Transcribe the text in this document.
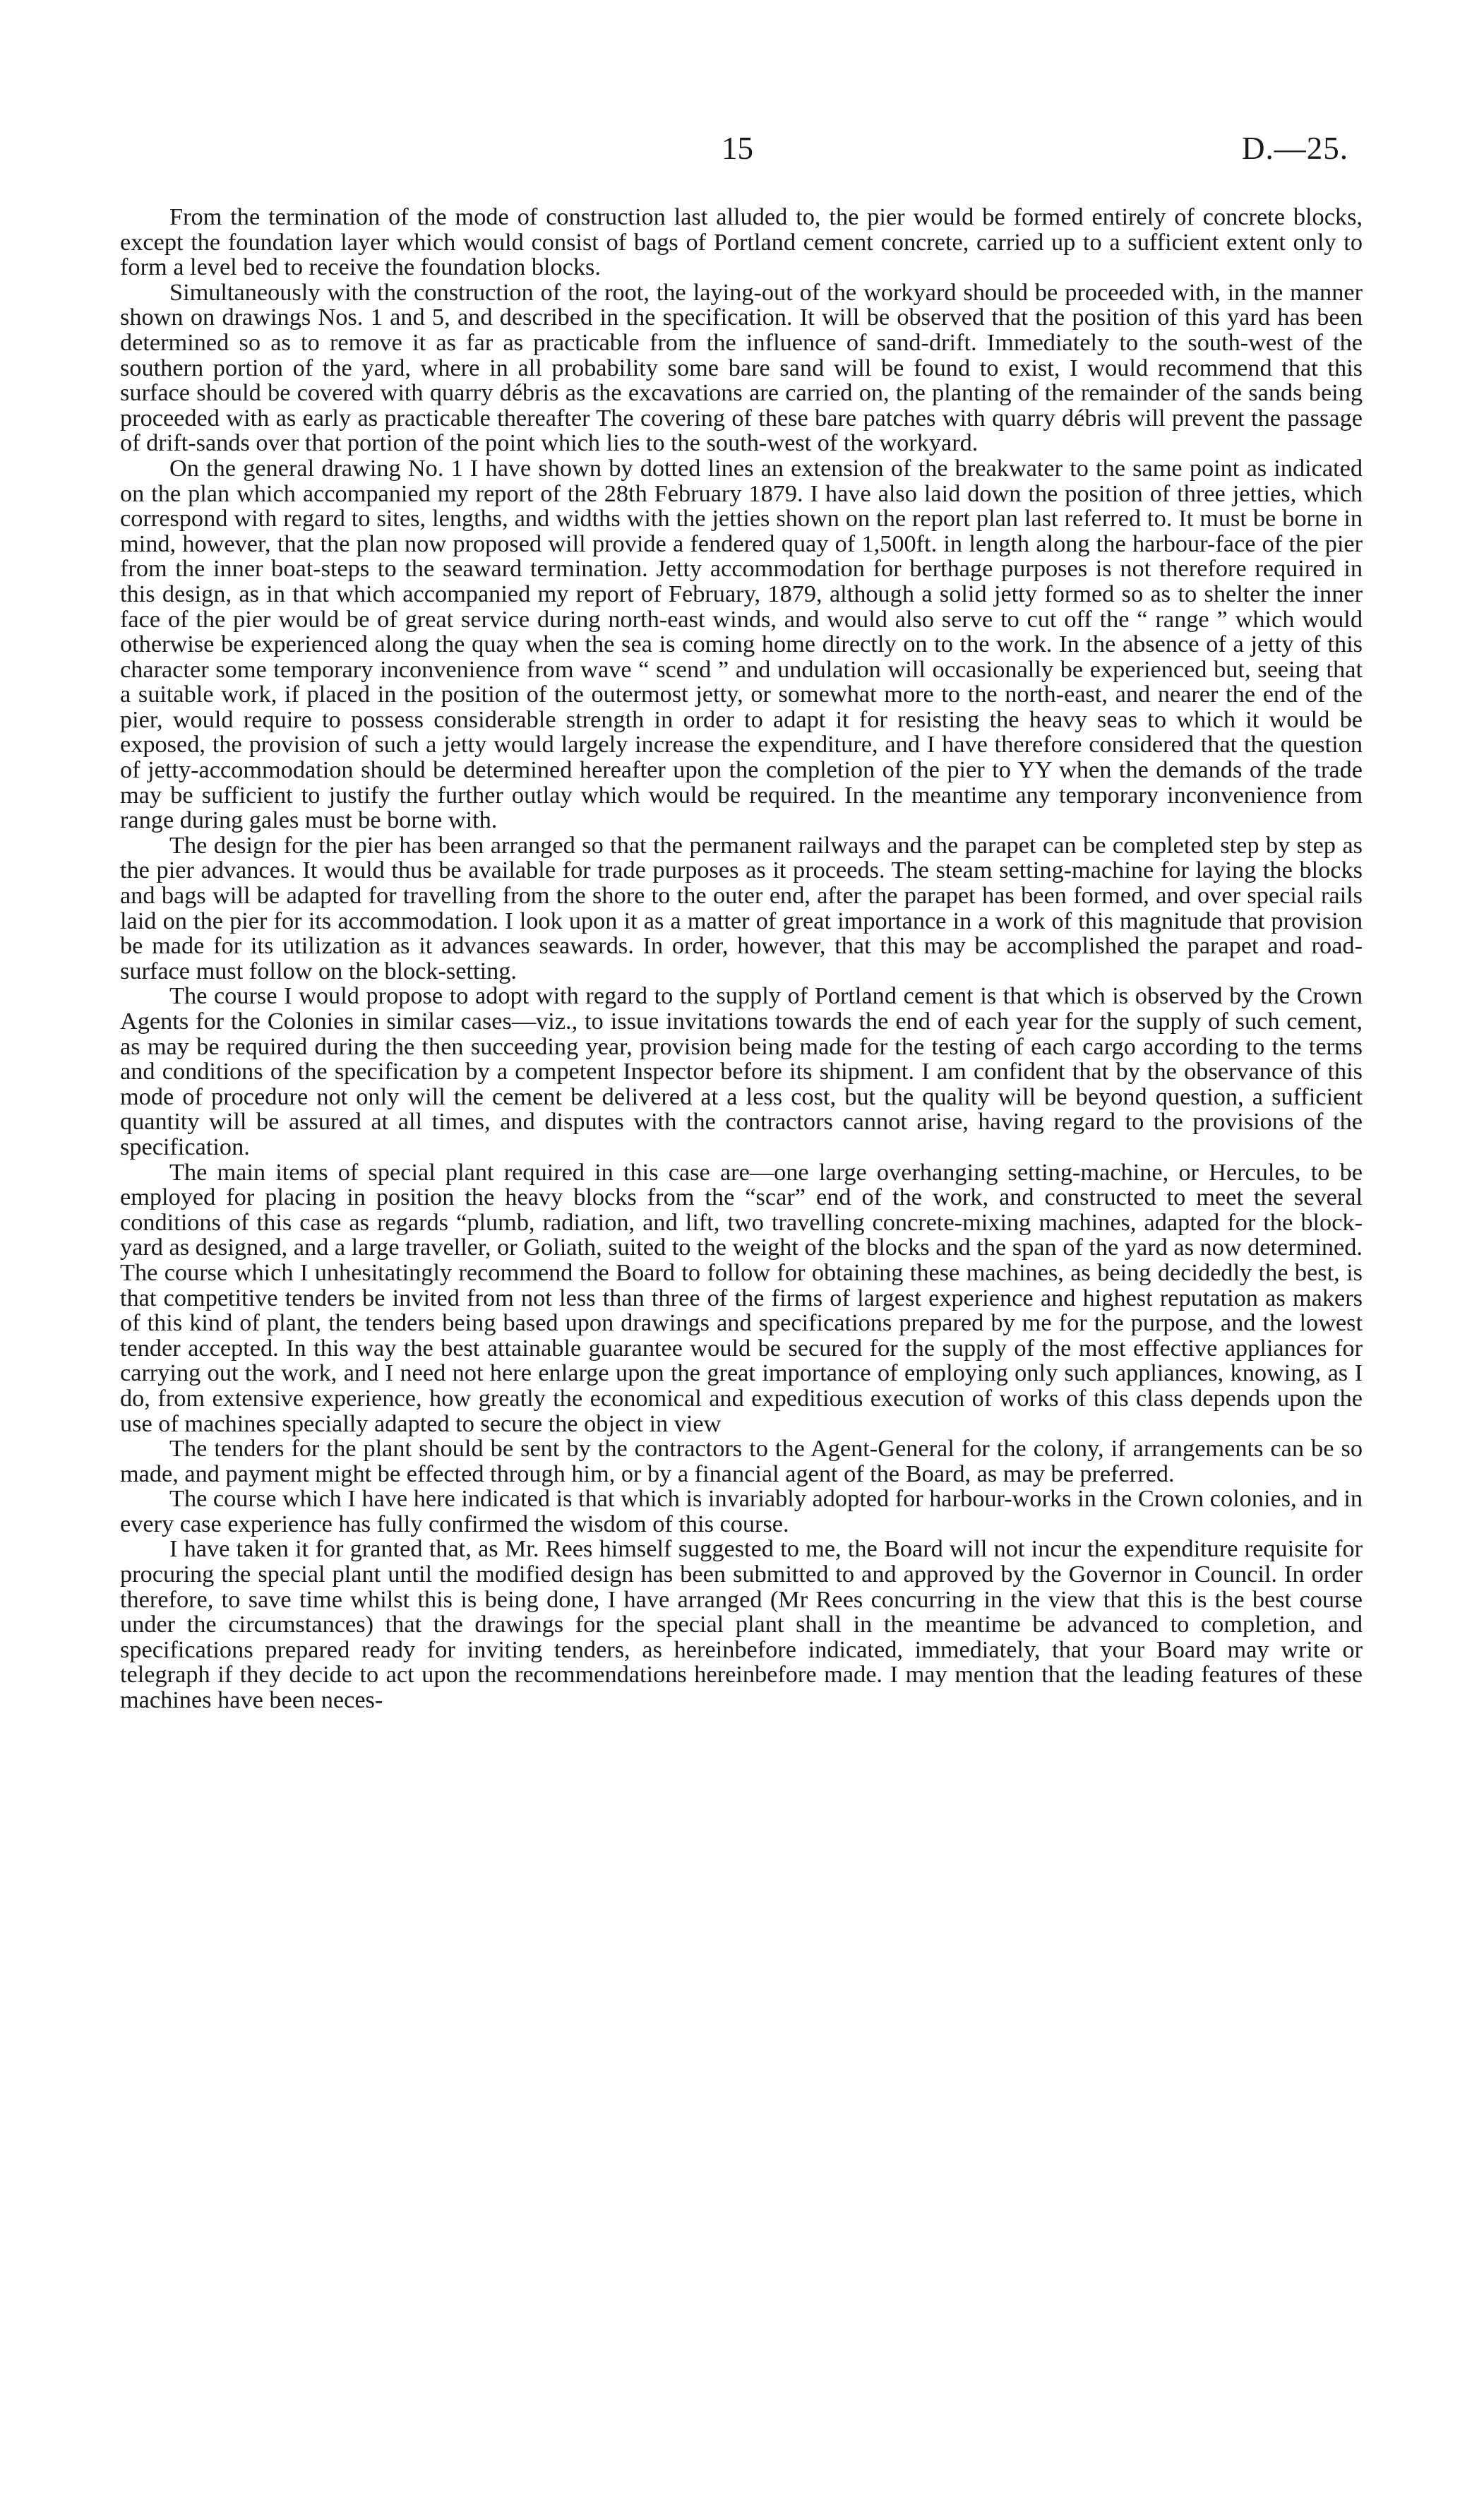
15	D.—25.

From the termination of the mode of construction last alluded to, the pier would be formed entirely of concrete blocks, except the foundation layer which would consist of bags of Portland cement concrete, carried up to a sufficient extent only to form a level bed to receive the foundation blocks.

Simultaneously with the construction of the root, the laying-out of the workyard should be proceeded with, in the manner shown on drawings Nos. 1 and 5, and described in the specification. It will be observed that the position of this yard has been determined so as to remove it as far as practicable from the influence of sand-drift. Immediately to the south-west of the southern portion of the yard, where in all probability some bare sand will be found to exist, I would recommend that this surface should be covered with quarry débris as the excavations are carried on, the planting of the remainder of the sands being proceeded with as early as practicable thereafter The covering of these bare patches with quarry débris will prevent the passage of drift-sands over that portion of the point which lies to the south-west of the workyard.

On the general drawing No. 1 I have shown by dotted lines an extension of the breakwater to the same point as indicated on the plan which accompanied my report of the 28th February 1879. I have also laid down the position of three jetties, which correspond with regard to sites, lengths, and widths with the jetties shown on the report plan last referred to. It must be borne in mind, however, that the plan now proposed will provide a fendered quay of 1,500ft. in length along the harbour-face of the pier from the inner boat-steps to the seaward termination. Jetty accommodation for berthage purposes is not therefore required in this design, as in that which accompanied my report of February, 1879, although a solid jetty formed so as to shelter the inner face of the pier would be of great service during north-east winds, and would also serve to cut off the “ range ” which would otherwise be experienced along the quay when the sea is coming home directly on to the work. In the absence of a jetty of this character some temporary inconvenience from wave “ scend ” and undulation will occasionally be experienced but, seeing that a suitable work, if placed in the position of the outermost jetty, or somewhat more to the north-east, and nearer the end of the pier, would require to possess considerable strength in order to adapt it for resisting the heavy seas to which it would be exposed, the provision of such a jetty would largely increase the expenditure, and I have therefore considered that the question of jetty-accommodation should be determined hereafter upon the completion of the pier to YY when the demands of the trade may be sufficient to justify the further outlay which would be required. In the meantime any temporary inconvenience from range during gales must be borne with.

The design for the pier has been arranged so that the permanent railways and the parapet can be completed step by step as the pier advances. It would thus be available for trade purposes as it proceeds. The steam setting-machine for laying the blocks and bags will be adapted for travelling from the shore to the outer end, after the parapet has been formed, and over special rails laid on the pier for its accommodation. I look upon it as a matter of great importance in a work of this magnitude that provision be made for its utilization as it advances seawards. In order, however, that this may be accomplished the parapet and road-surface must follow on the block-setting.

The course I would propose to adopt with regard to the supply of Portland cement is that which is observed by the Crown Agents for the Colonies in similar cases—viz., to issue invitations towards the end of each year for the supply of such cement, as may be required during the then succeeding year, provision being made for the testing of each cargo according to the terms and conditions of the specification by a competent Inspector before its shipment. I am confident that by the observance of this mode of procedure not only will the cement be delivered at a less cost, but the quality will be beyond question, a sufficient quantity will be assured at all times, and disputes with the contractors cannot arise, having regard to the provisions of the specification.

The main items of special plant required in this case are—one large overhanging setting-machine, or Hercules, to be employed for placing in position the heavy blocks from the “scar” end of the work, and constructed to meet the several conditions of this case as regards “plumb, radiation, and lift, two travelling concrete-mixing machines, adapted for the block-yard as designed, and a large traveller, or Goliath, suited to the weight of the blocks and the span of the yard as now determined. The course which I unhesitatingly recommend the Board to follow for obtaining these machines, as being decidedly the best, is that competitive tenders be invited from not less than three of the firms of largest experience and highest reputation as makers of this kind of plant, the tenders being based upon drawings and specifications prepared by me for the purpose, and the lowest tender accepted. In this way the best attainable guarantee would be secured for the supply of the most effective appliances for carrying out the work, and I need not here enlarge upon the great importance of employing only such appliances, knowing, as I do, from extensive experience, how greatly the economical and expeditious execution of works of this class depends upon the use of machines specially adapted to secure the object in view

The tenders for the plant should be sent by the contractors to the Agent-General for the colony, if arrangements can be so made, and payment might be effected through him, or by a financial agent of the Board, as may be preferred.

The course which I have here indicated is that which is invariably adopted for harbour-works in the Crown colonies, and in every case experience has fully confirmed the wisdom of this course.

I have taken it for granted that, as Mr. Rees himself suggested to me, the Board will not incur the expenditure requisite for procuring the special plant until the modified design has been submitted to and approved by the Governor in Council. In order therefore, to save time whilst this is being done, I have arranged (Mr Rees concurring in the view that this is the best course under the circumstances) that the drawings for the special plant shall in the meantime be advanced to completion, and specifications prepared ready for inviting tenders, as hereinbefore indicated, immediately, that your Board may write or telegraph if they decide to act upon the recommendations hereinbefore made. I may mention that the leading features of these machines have been neces-
